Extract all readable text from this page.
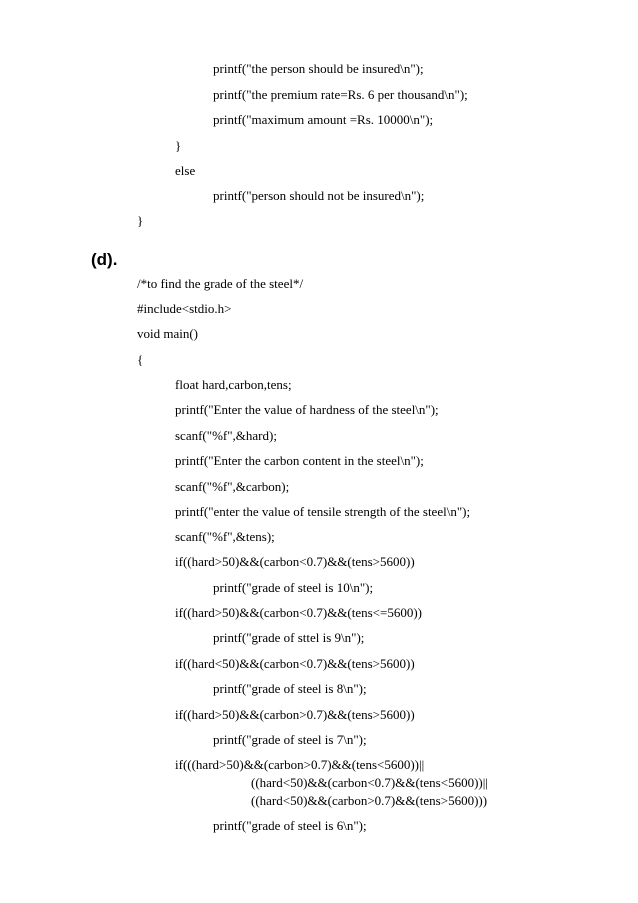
printf("the person should be insured\n");
printf("the premium rate=Rs. 6 per thousand\n");
printf("maximum amount =Rs. 10000\n");
}
else
printf("person should not be insured\n");
}
(d).
/*to find the grade of the steel*/
#include<stdio.h>
void main()
{
float hard,carbon,tens;
printf("Enter the value of hardness of the steel\n");
scanf("%f",&hard);
printf("Enter the carbon content in the steel\n");
scanf("%f",&carbon);
printf("enter the value of tensile strength of the steel\n");
scanf("%f",&tens);
if((hard>50)&&(carbon<0.7)&&(tens>5600))
printf("grade of steel is 10\n");
if((hard>50)&&(carbon<0.7)&&(tens<=5600))
printf("grade of sttel is 9\n");
if((hard<50)&&(carbon<0.7)&&(tens>5600))
printf("grade of steel is 8\n");
if((hard>50)&&(carbon>0.7)&&(tens>5600))
printf("grade of steel is 7\n");
if(((hard>50)&&(carbon>0.7)&&(tens<5600))||
((hard<50)&&(carbon<0.7)&&(tens<5600))||
((hard<50)&&(carbon>0.7)&&(tens>5600)))
printf("grade of steel is 6\n");
